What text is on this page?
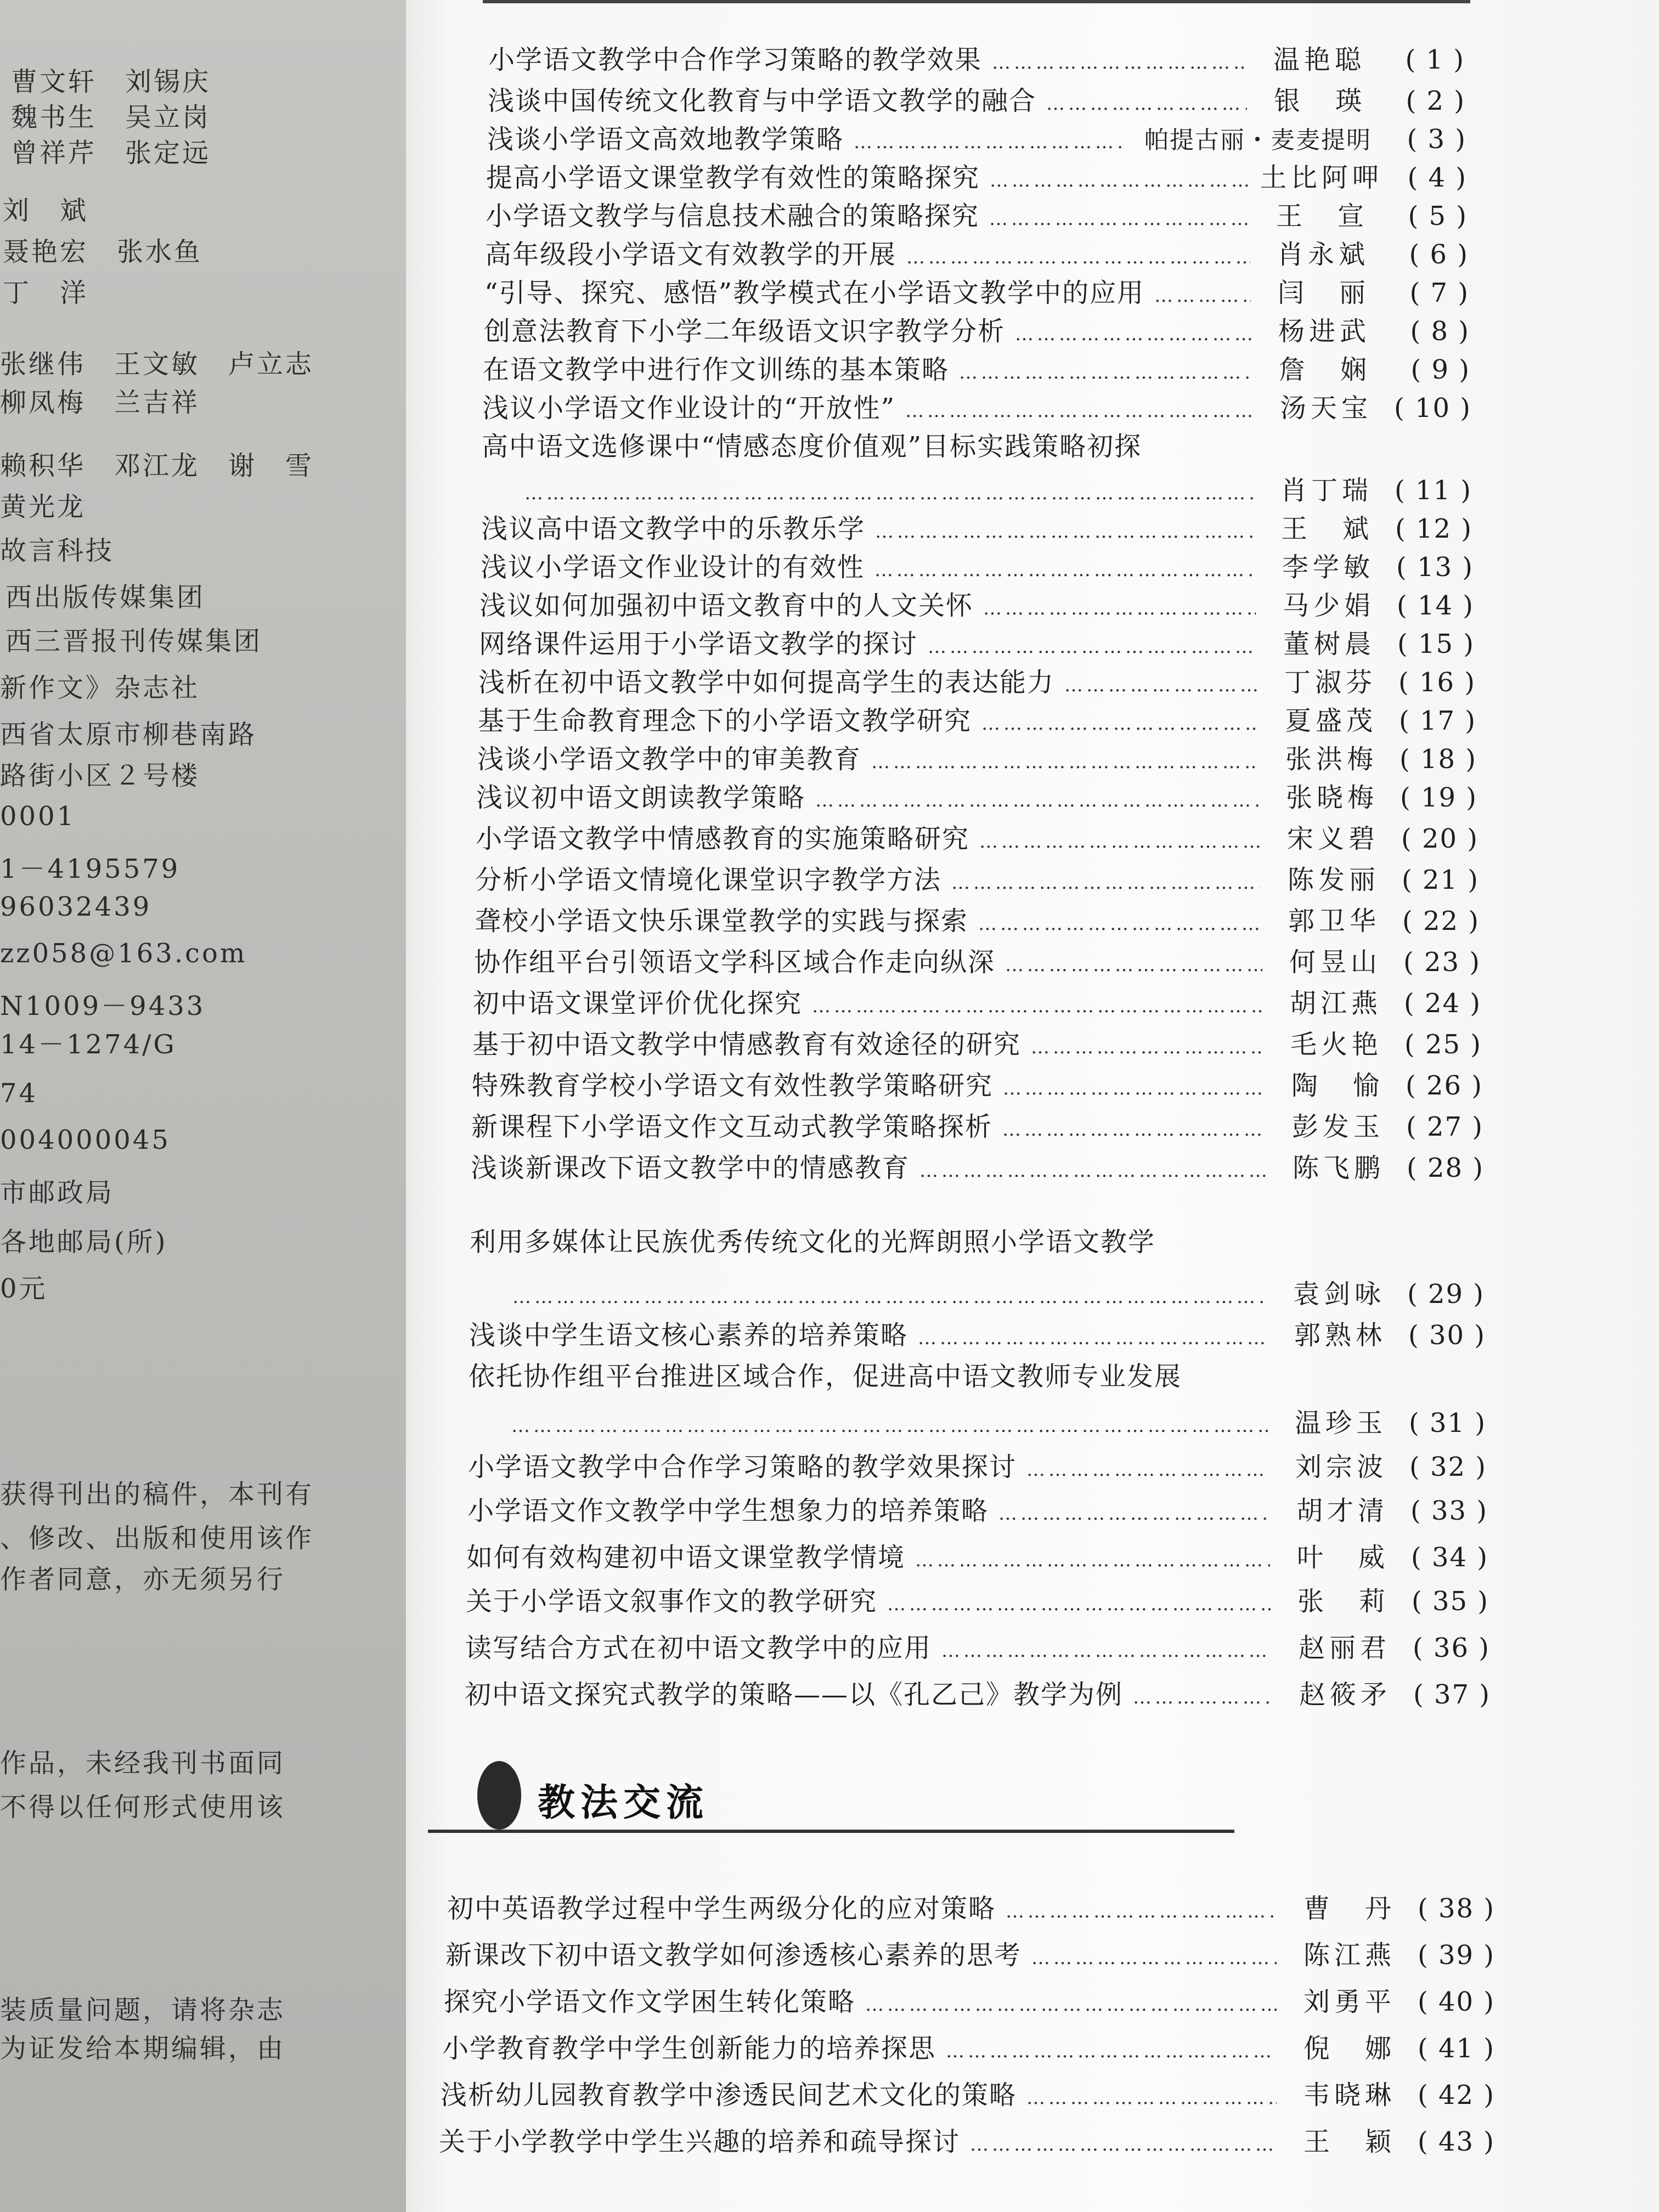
曹文轩　刘锡庆
魏书生　吴立岗
曾祥芹　张定远
刘　斌
聂艳宏　张水鱼
丁　洋
张继伟　王文敏　卢立志
柳凤梅　兰吉祥
赖积华　邓江龙　谢　雪
黄光龙
故言科技
西出版传媒集团
西三晋报刊传媒集团
新作文》杂志社
西省太原市柳巷南路
路街小区２号楼
0001
1－4195579
96032439
zz058@163.com
N1009－9433
14－1274/G
74
004000045
市邮政局
各地邮局(所)
0元
获得刊出的稿件，本刊有
、修改、出版和使用该作
作者同意，亦无须另行
作品，未经我刊书面同
不得以任何形式使用该
装质量问题，请将杂志
为证发给本期编辑，由
小学语文教学中合作学习策略的教学效果 ……………………………………………………………………………………………………………………………………	温艳聪	( 1 )
浅谈中国传统文化教育与中学语文教学的融合 ……………………………………………………………………………………………………………………………………	银　瑛	( 2 )
浅谈小学语文高效地教学策略 ……………………………………………………………………………………………………………………………………	帕提古丽・麦麦提明	( 3 )
提高小学语文课堂教学有效性的策略探究 ……………………………………………………………………………………………………………………………………	土比阿呷	( 4 )
小学语文教学与信息技术融合的策略探究 ……………………………………………………………………………………………………………………………………	王　宣	( 5 )
高年级段小学语文有效教学的开展 ……………………………………………………………………………………………………………………………………	肖永斌	( 6 )
“引导、探究、感悟”教学模式在小学语文教学中的应用 ……………………………………………………………………………………………………………………………………	闫　丽	( 7 )
创意法教育下小学二年级语文识字教学分析 ……………………………………………………………………………………………………………………………………	杨进武	( 8 )
在语文教学中进行作文训练的基本策略 ……………………………………………………………………………………………………………………………………	詹　娴	( 9 )
浅议小学语文作业设计的“开放性” ……………………………………………………………………………………………………………………………………	汤天宝	( 10 )
高中语文选修课中“情感态度价值观”目标实践策略初探
……………………………………………………………………………………………………………………………………
肖丁瑞	( 11 )
浅议高中语文教学中的乐教乐学 ……………………………………………………………………………………………………………………………………	王　斌	( 12 )
浅议小学语文作业设计的有效性 ……………………………………………………………………………………………………………………………………	李学敏	( 13 )
浅议如何加强初中语文教育中的人文关怀 ……………………………………………………………………………………………………………………………………	马少娟	( 14 )
网络课件运用于小学语文教学的探讨 ……………………………………………………………………………………………………………………………………	董树晨	( 15 )
浅析在初中语文教学中如何提高学生的表达能力 ……………………………………………………………………………………………………………………………………	丁淑芬	( 16 )
基于生命教育理念下的小学语文教学研究 ……………………………………………………………………………………………………………………………………	夏盛茂	( 17 )
浅谈小学语文教学中的审美教育 ……………………………………………………………………………………………………………………………………	张洪梅	( 18 )
浅议初中语文朗读教学策略 ……………………………………………………………………………………………………………………………………	张晓梅	( 19 )
小学语文教学中情感教育的实施策略研究 ……………………………………………………………………………………………………………………………………	宋义碧	( 20 )
分析小学语文情境化课堂识字教学方法 ……………………………………………………………………………………………………………………………………	陈发丽	( 21 )
聋校小学语文快乐课堂教学的实践与探索 ……………………………………………………………………………………………………………………………………	郭卫华	( 22 )
协作组平台引领语文学科区域合作走向纵深 ……………………………………………………………………………………………………………………………………	何昱山	( 23 )
初中语文课堂评价优化探究 ……………………………………………………………………………………………………………………………………	胡江燕	( 24 )
基于初中语文教学中情感教育有效途径的研究 ……………………………………………………………………………………………………………………………………	毛火艳	( 25 )
特殊教育学校小学语文有效性教学策略研究 ……………………………………………………………………………………………………………………………………	陶　愉	( 26 )
新课程下小学语文作文互动式教学策略探析 ……………………………………………………………………………………………………………………………………	彭发玉	( 27 )
浅谈新课改下语文教学中的情感教育 ……………………………………………………………………………………………………………………………………	陈飞鹏	( 28 )
利用多媒体让民族优秀传统文化的光辉朗照小学语文教学
……………………………………………………………………………………………………………………………………
袁剑咏	( 29 )
浅谈中学生语文核心素养的培养策略 ……………………………………………………………………………………………………………………………………	郭熟林	( 30 )
依托协作组平台推进区域合作，促进高中语文教师专业发展
……………………………………………………………………………………………………………………………………
温珍玉	( 31 )
小学语文教学中合作学习策略的教学效果探讨 ……………………………………………………………………………………………………………………………………	刘宗波	( 32 )
小学语文作文教学中学生想象力的培养策略 ……………………………………………………………………………………………………………………………………	胡才清	( 33 )
如何有效构建初中语文课堂教学情境 ……………………………………………………………………………………………………………………………………	叶　威	( 34 )
关于小学语文叙事作文的教学研究 ……………………………………………………………………………………………………………………………………	张　莉	( 35 )
读写结合方式在初中语文教学中的应用 ……………………………………………………………………………………………………………………………………	赵丽君	( 36 )
初中语文探究式教学的策略——以《孔乙己》教学为例 ……………………………………………………………………………………………………………………………………	赵筱矛	( 37 )
教法交流
初中英语教学过程中学生两级分化的应对策略 ……………………………………………………………………………………………………………………………………	曹　丹	( 38 )
新课改下初中语文教学如何渗透核心素养的思考 ……………………………………………………………………………………………………………………………………	陈江燕	( 39 )
探究小学语文作文学困生转化策略 ……………………………………………………………………………………………………………………………………	刘勇平	( 40 )
小学教育教学中学生创新能力的培养探思 ……………………………………………………………………………………………………………………………………	倪　娜	( 41 )
浅析幼儿园教育教学中渗透民间艺术文化的策略 ……………………………………………………………………………………………………………………………………	韦晓琳	( 42 )
关于小学教学中学生兴趣的培养和疏导探讨 ……………………………………………………………………………………………………………………………………	王　颖	( 43 )
